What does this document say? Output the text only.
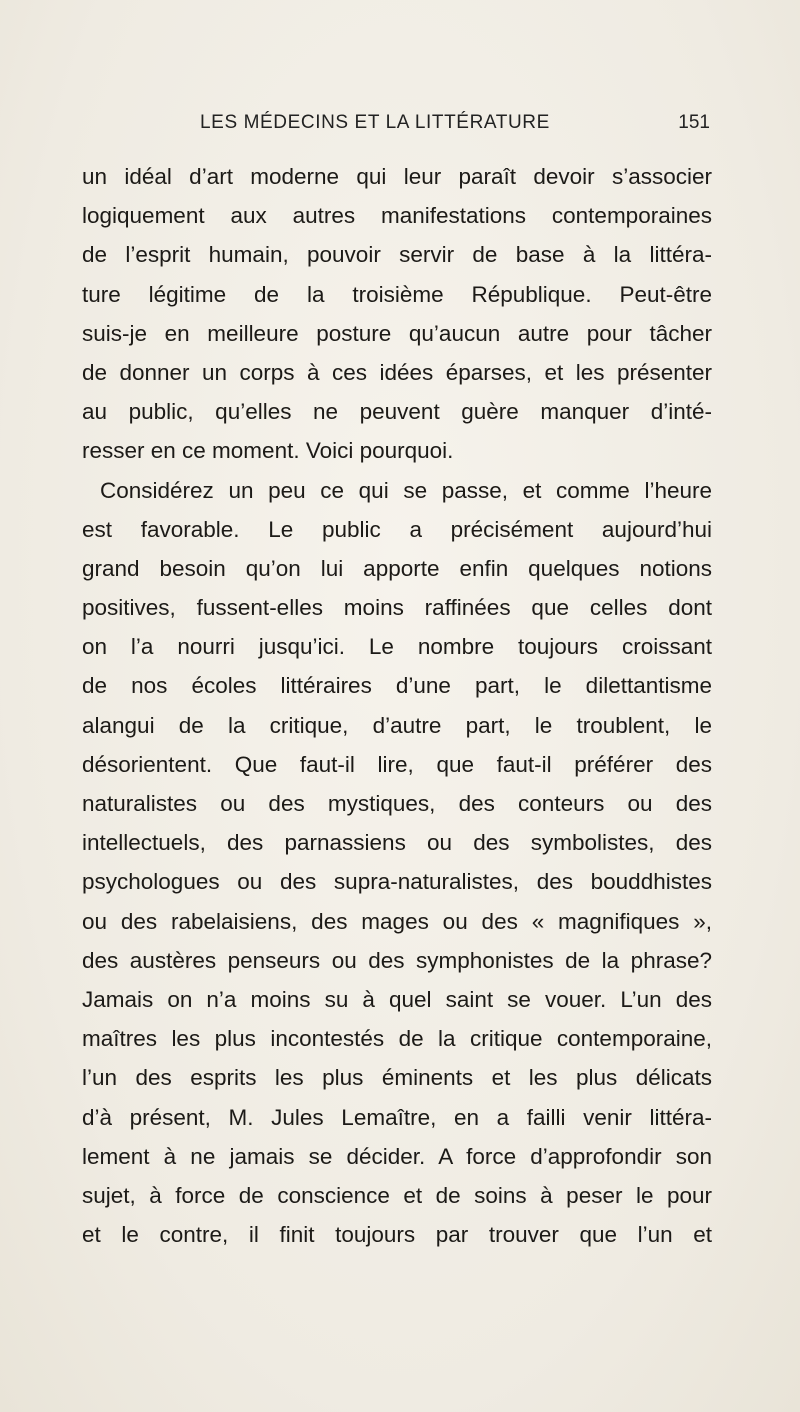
LES MÉDECINS ET LA LITTÉRATURE	151
un idéal d’art moderne qui leur paraît devoir s’associer
logiquement aux autres manifestations contemporaines
de l’esprit humain, pouvoir servir de base à la littéra-
ture légitime de la troisième République. Peut-être
suis-je en meilleure posture qu’aucun autre pour tâcher
de donner un corps à ces idées éparses, et les présenter
au public, qu’elles ne peuvent guère manquer d’inté-
resser en ce moment. Voici pourquoi.
Considérez un peu ce qui se passe, et comme l’heure
est favorable. Le public a précisément aujourd’hui
grand besoin qu’on lui apporte enfin quelques notions
positives, fussent-elles moins raffinées que celles dont
on l’a nourri jusqu’ici. Le nombre toujours croissant
de nos écoles littéraires d’une part, le dilettantisme
alangui de la critique, d’autre part, le troublent, le
désorientent. Que faut-il lire, que faut-il préférer des
naturalistes ou des mystiques, des conteurs ou des
intellectuels, des parnassiens ou des symbolistes, des
psychologues ou des supra-naturalistes, des bouddhistes
ou des rabelaisiens, des mages ou des « magnifiques »,
des austères penseurs ou des symphonistes de la phrase?
Jamais on n’a moins su à quel saint se vouer. L’un des
maîtres les plus incontestés de la critique contemporaine,
l’un des esprits les plus éminents et les plus délicats
d’à présent, M. Jules Lemaître, en a failli venir littéra-
lement à ne jamais se décider. A force d’approfondir son
sujet, à force de conscience et de soins à peser le pour
et le contre, il finit toujours par trouver que l’un et
